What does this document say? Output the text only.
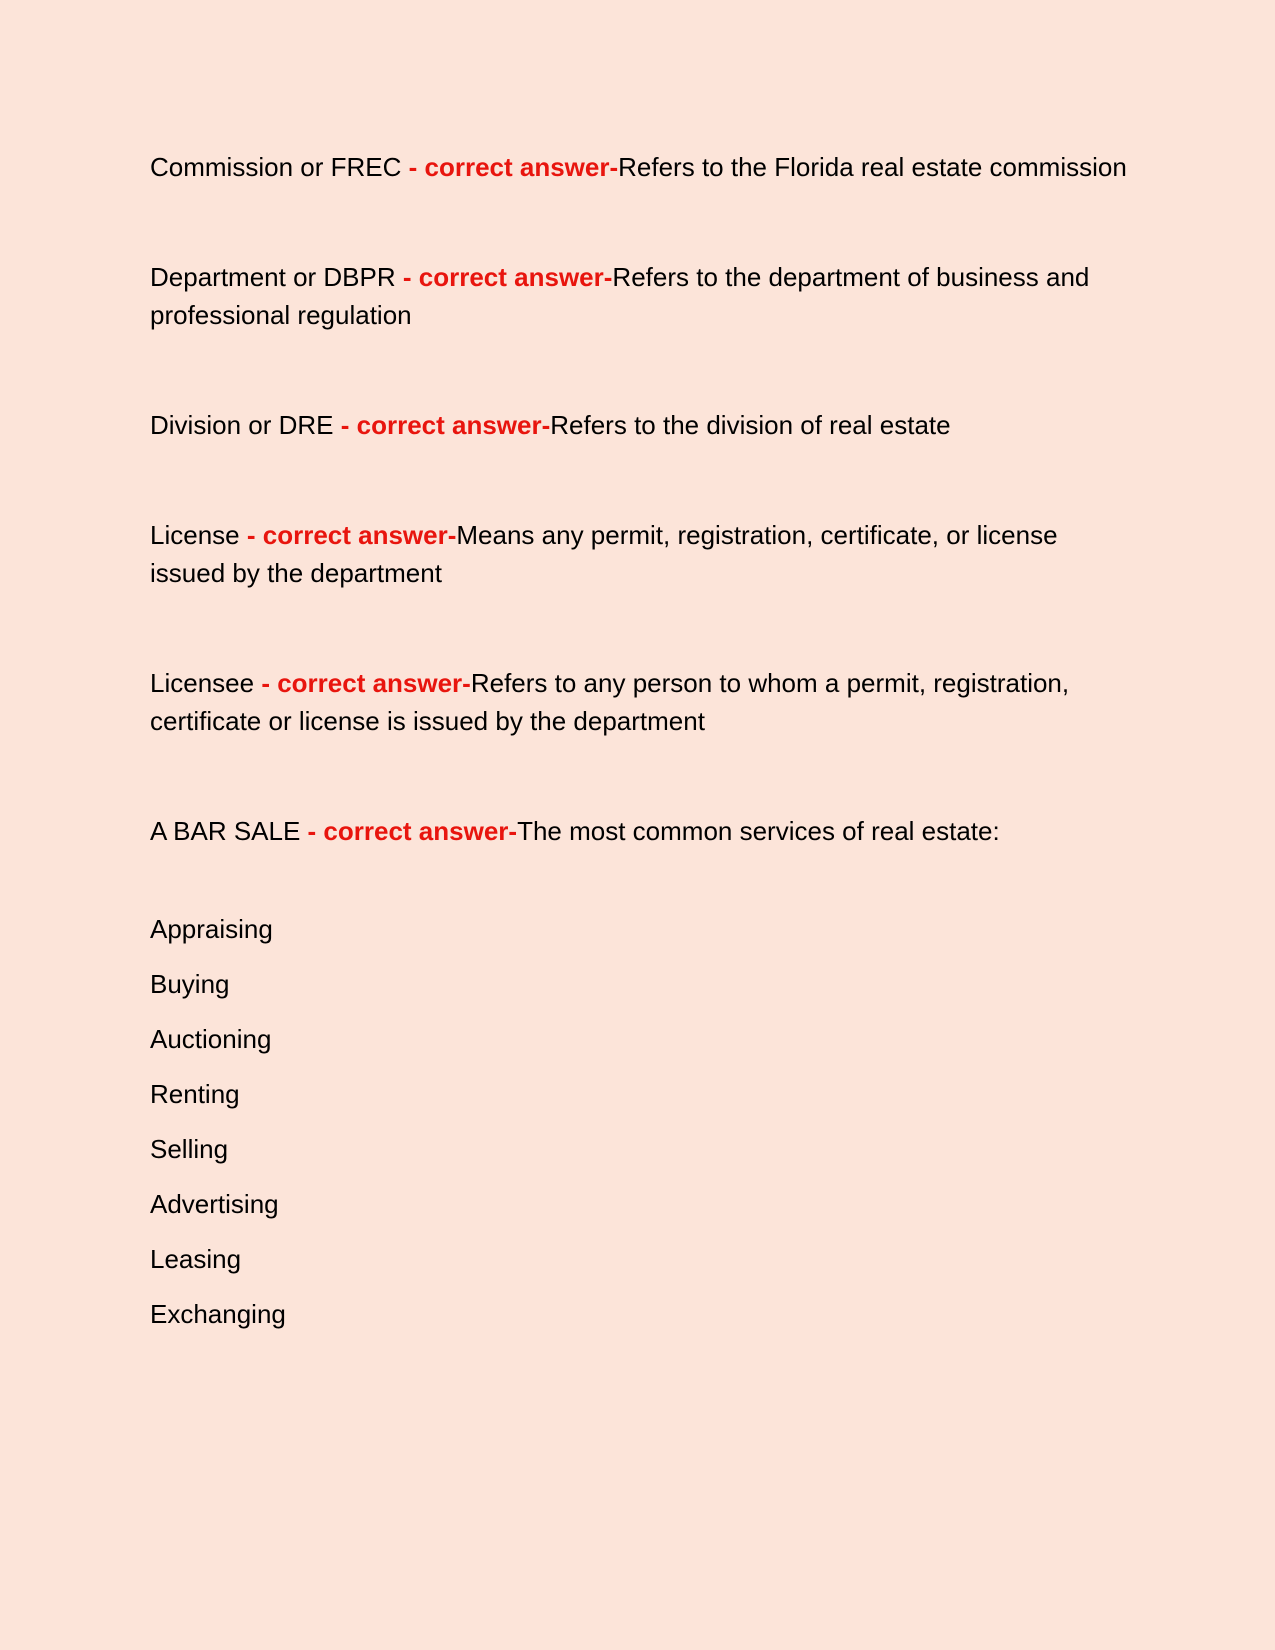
Commission or FREC - correct answer-Refers to the Florida real estate commission

Department or DBPR - correct answer-Refers to the department of business and professional regulation

Division or DRE - correct answer-Refers to the division of real estate

License - correct answer-Means any permit, registration, certificate, or license issued by the department

Licensee - correct answer-Refers to any person to whom a permit, registration, certificate or license is issued by the department

A BAR SALE - correct answer-The most common services of real estate:

Appraising
Buying
Auctioning
Renting
Selling
Advertising
Leasing
Exchanging
